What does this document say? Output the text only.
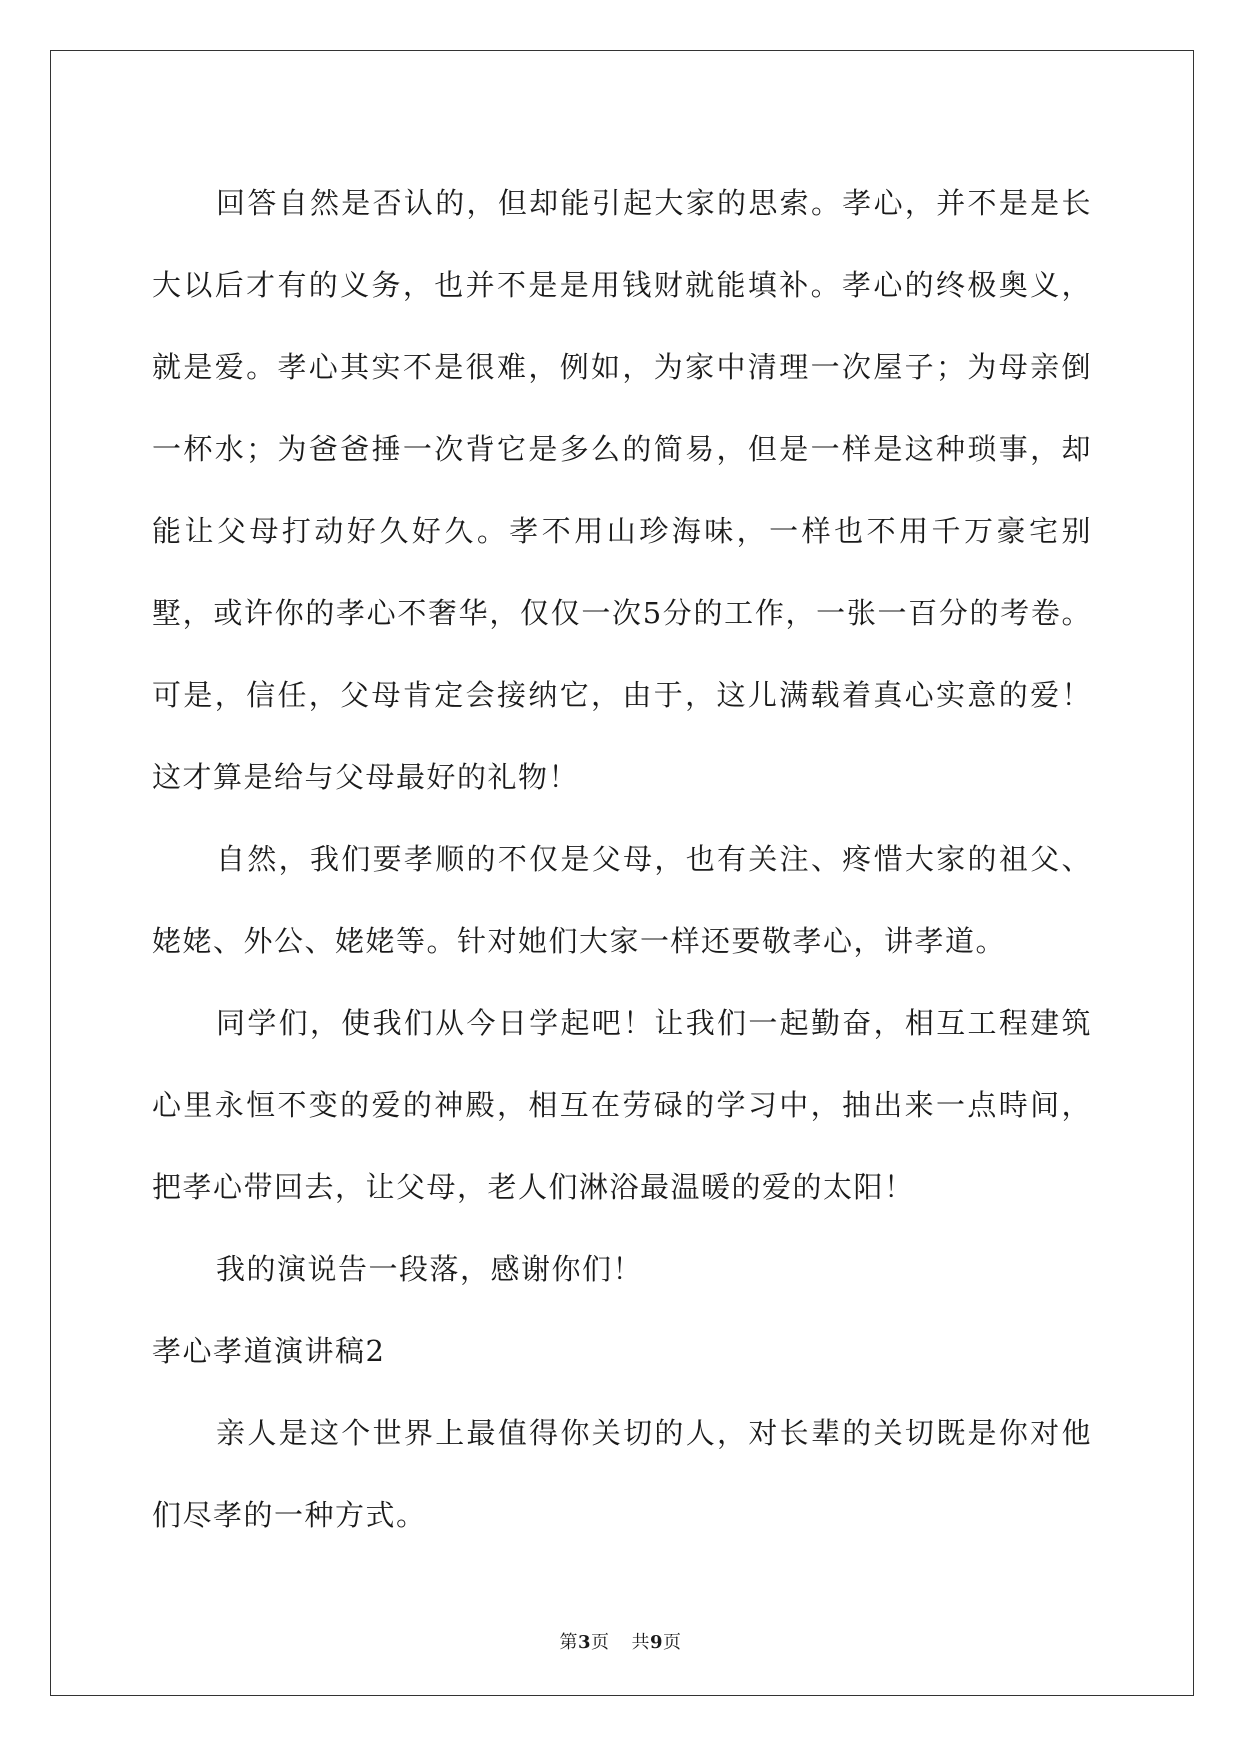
回答自然是否认的，但却能引起大家的思索。孝心，并不是是长大以后才有的义务，也并不是是用钱财就能填补。孝心的终极奥义，就是爱。孝心其实不是很难，例如，为家中清理一次屋子；为母亲倒一杯水；为爸爸捶一次背它是多么的简易，但是一样是这种琐事，却能让父母打动好久好久。孝不用山珍海味，一样也不用千万豪宅别墅，或许你的孝心不奢华，仅仅一次5分的工作，一张一百分的考卷。可是，信任，父母肯定会接纳它，由于，这儿满载着真心实意的爱！这才算是给与父母最好的礼物！

自然，我们要孝顺的不仅是父母，也有关注、疼惜大家的祖父、姥姥、外公、姥姥等。针对她们大家一样还要敬孝心，讲孝道。

同学们，使我们从今日学起吧！让我们一起勤奋，相互工程建筑心里永恒不变的爱的神殿，相互在劳碌的学习中，抽出来一点時间，把孝心带回去，让父母，老人们淋浴最温暖的爱的太阳！

我的演说告一段落，感谢你们！

孝心孝道演讲稿2

亲人是这个世界上最值得你关切的人，对长辈的关切既是你对他们尽孝的一种方式。

第3页 共9页
